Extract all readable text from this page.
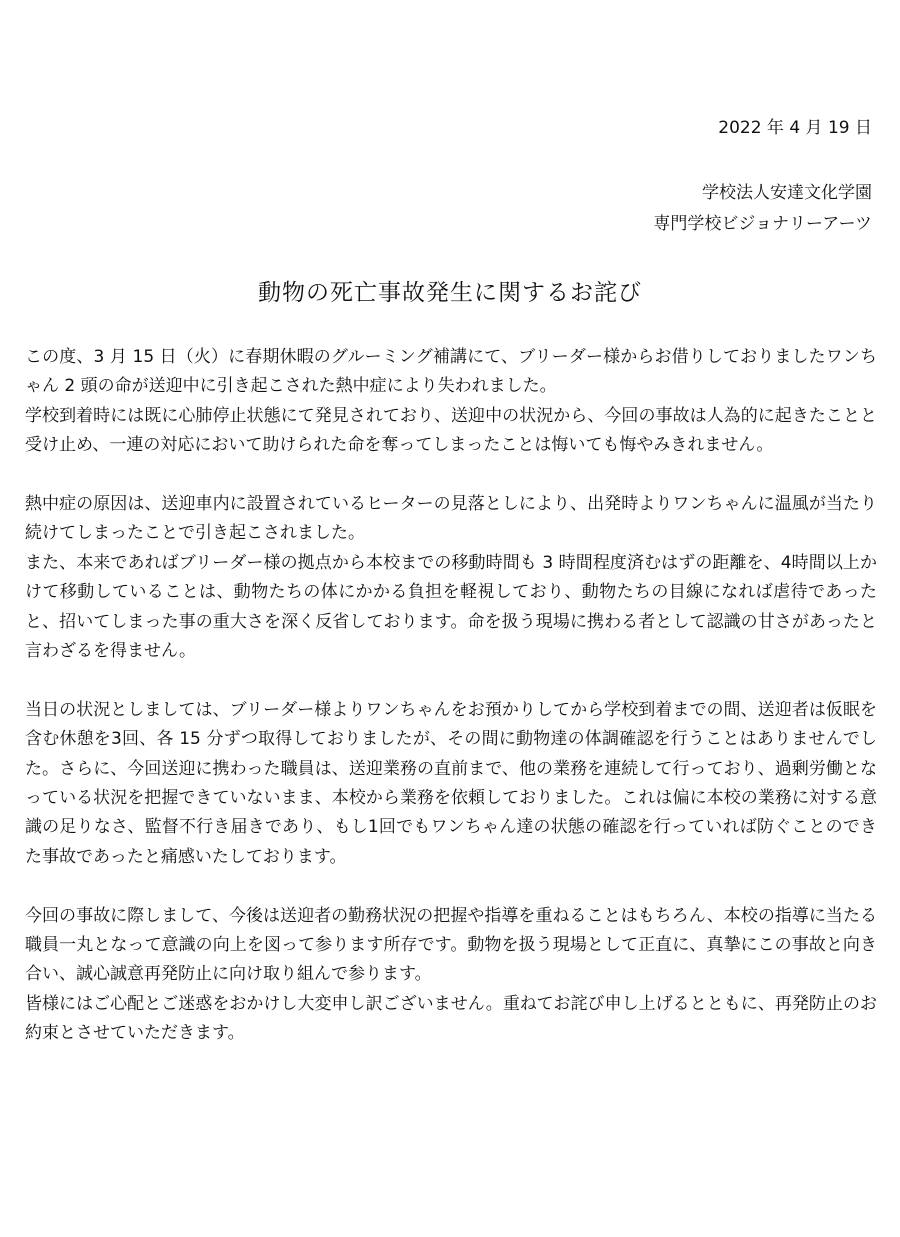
2022 年 4 月 19 日
学校法人安達文化学園
専門学校ビジョナリーアーツ
動物の死亡事故発生に関するお詫び

この度、3 月 15 日（火）に春期休暇のグルーミング補講にて、ブリーダー様からお借りしておりましたワンちゃん 2 頭の命が送迎中に引き起こされた熱中症により失われました。

学校到着時には既に心肺停止状態にて発見されており、送迎中の状況から、今回の事故は人為的に起きたことと受け止め、一連の対応において助けられた命を奪ってしまったことは悔いても悔やみきれません。

熱中症の原因は、送迎車内に設置されているヒーターの見落としにより、出発時よりワンちゃんに温風が当たり続けてしまったことで引き起こされました。

また、本来であればブリーダー様の拠点から本校までの移動時間も 3 時間程度済むはずの距離を、4時間以上かけて移動していることは、動物たちの体にかかる負担を軽視しており、動物たちの目線になれば虐待であったと、招いてしまった事の重大さを深く反省しております。命を扱う現場に携わる者として認識の甘さがあったと言わざるを得ません。

当日の状況としましては、ブリーダー様よりワンちゃんをお預かりしてから学校到着までの間、送迎者は仮眠を含む休憩を3回、各 15 分ずつ取得しておりましたが、その間に動物達の体調確認を行うことはありませんでした。さらに、今回送迎に携わった職員は、送迎業務の直前まで、他の業務を連続して行っており、過剰労働となっている状況を把握できていないまま、本校から業務を依頼しておりました。これは偏に本校の業務に対する意識の足りなさ、監督不行き届きであり、もし1回でもワンちゃん達の状態の確認を行っていれば防ぐことのできた事故であったと痛感いたしております。

今回の事故に際しまして、今後は送迎者の勤務状況の把握や指導を重ねることはもちろん、本校の指導に当たる職員一丸となって意識の向上を図って参ります所存です。動物を扱う現場として正直に、真摯にこの事故と向き合い、誠心誠意再発防止に向け取り組んで参ります。

皆様にはご心配とご迷惑をおかけし大変申し訳ございません。重ねてお詫び申し上げるとともに、再発防止のお約束とさせていただきます。
